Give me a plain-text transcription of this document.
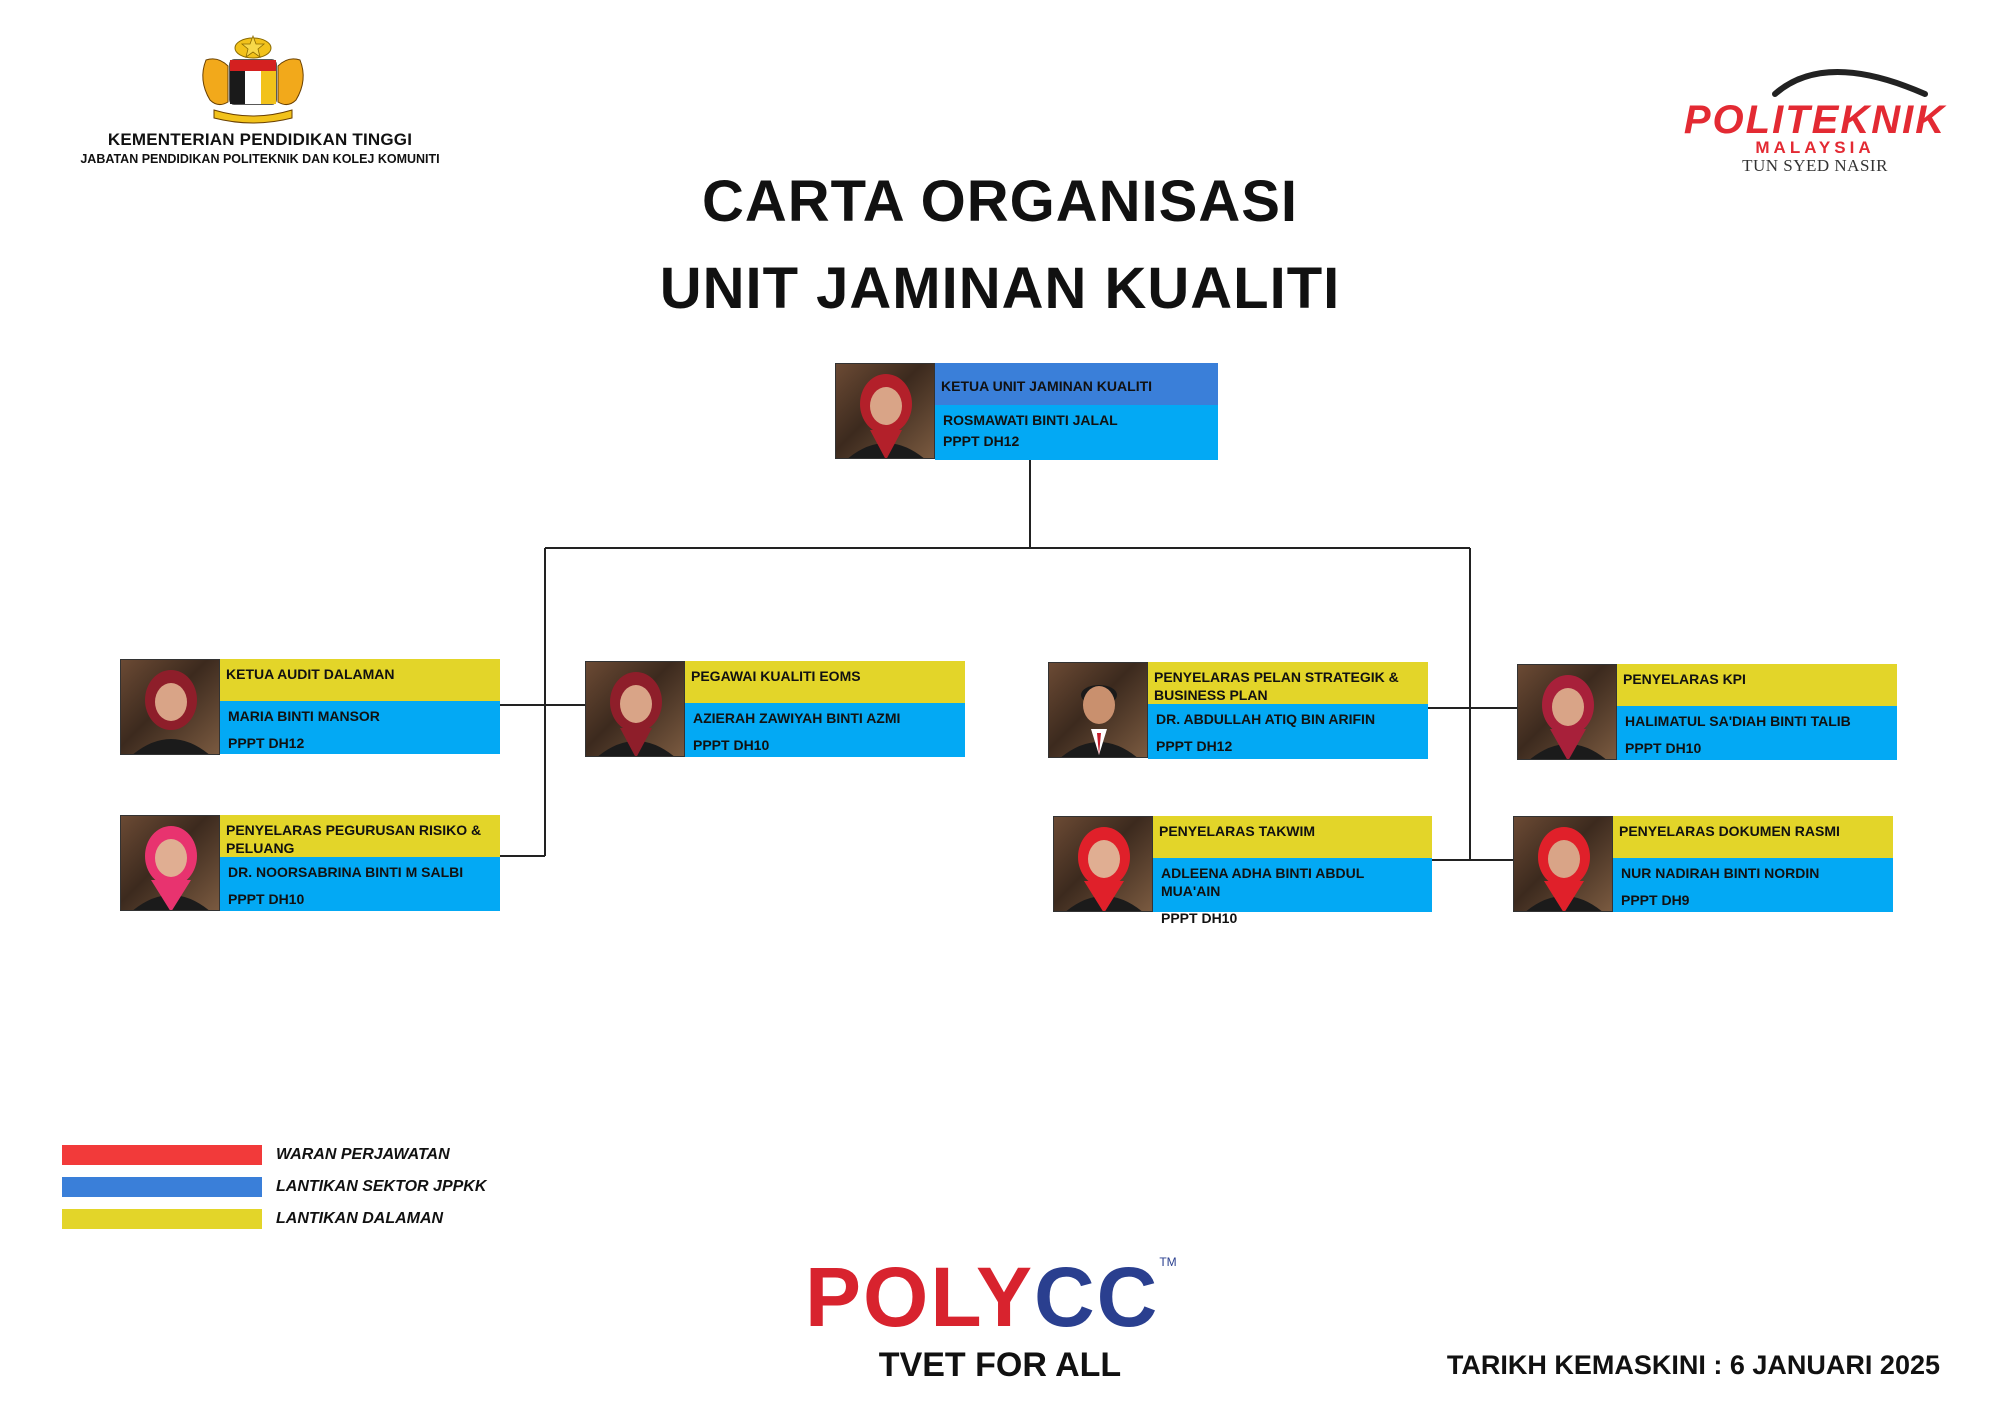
KEMENTERIAN PENDIDIKAN TINGGI
JABATAN PENDIDIKAN POLITEKNIK DAN KOLEJ KOMUNITI
POLITEKNIK
MALAYSIA
TUN SYED NASIR
CARTA ORGANISASI
UNIT JAMINAN KUALITI
KETUA UNIT JAMINAN KUALITI
ROSMAWATI BINTI JALAL
PPPT DH12
KETUA AUDIT DALAMAN
MARIA BINTI MANSOR
PPPT DH12
PENYELARAS PEGURUSAN RISIKO & PELUANG
DR. NOORSABRINA BINTI M SALBI
PPPT DH10
PEGAWAI KUALITI EOMS
AZIERAH ZAWIYAH BINTI AZMI
PPPT DH10
PENYELARAS PELAN STRATEGIK & BUSINESS PLAN
DR. ABDULLAH ATIQ BIN ARIFIN
PPPT DH12
PENYELARAS TAKWIM
ADLEENA ADHA BINTI ABDUL MUA'AIN
PPPT DH10
PENYELARAS KPI
HALIMATUL SA'DIAH BINTI TALIB
PPPT DH10
PENYELARAS DOKUMEN RASMI
NUR NADIRAH BINTI NORDIN
PPPT DH9
WARAN PERJAWATAN
LANTIKAN SEKTOR JPPKK
LANTIKAN DALAMAN
POLYCC™
TVET FOR ALL	TARIKH KEMASKINI : 6 JANUARI 2025
